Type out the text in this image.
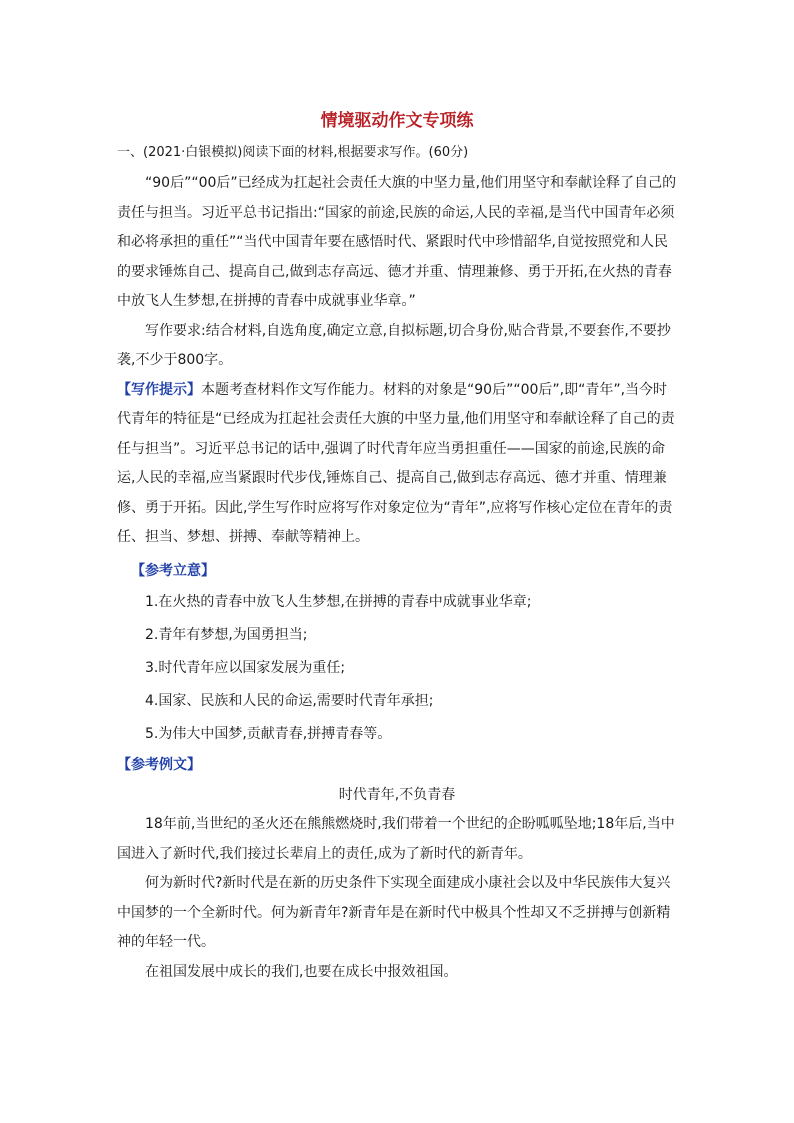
情境驱动作文专项练

一、(2021·白银模拟)阅读下面的材料,根据要求写作。(60分)

“90后”“00后”已经成为扛起社会责任大旗的中坚力量,他们用坚守和奉献诠释了自己的责任与担当。习近平总书记指出:“国家的前途,民族的命运,人民的幸福,是当代中国青年必须和必将承担的重任”“当代中国青年要在感悟时代、紧跟时代中珍惜韶华,自觉按照党和人民的要求锤炼自己、提高自己,做到志存高远、德才并重、情理兼修、勇于开拓,在火热的青春中放飞人生梦想,在拼搏的青春中成就事业华章。”

写作要求:结合材料,自选角度,确定立意,自拟标题,切合身份,贴合背景,不要套作,不要抄袭,不少于800字。

【写作提示】本题考查材料作文写作能力。材料的对象是“90后”“00后”,即“青年”,当今时代青年的特征是“已经成为扛起社会责任大旗的中坚力量,他们用坚守和奉献诠释了自己的责任与担当”。习近平总书记的话中,强调了时代青年应当勇担重任——国家的前途,民族的命运,人民的幸福,应当紧跟时代步伐,锤炼自己、提高自己,做到志存高远、德才并重、情理兼修、勇于开拓。因此,学生写作时应将写作对象定位为“青年”,应将写作核心定位在青年的责任、担当、梦想、拼搏、奉献等精神上。

【参考立意】

1.在火热的青春中放飞人生梦想,在拼搏的青春中成就事业华章;

2.青年有梦想,为国勇担当;

3.时代青年应以国家发展为重任;

4.国家、民族和人民的命运,需要时代青年承担;

5.为伟大中国梦,贡献青春,拼搏青春等。

【参考例文】

时代青年,不负青春

18年前,当世纪的圣火还在熊熊燃烧时,我们带着一个世纪的企盼呱呱坠地;18年后,当中国进入了新时代,我们接过长辈肩上的责任,成为了新时代的新青年。

何为新时代?新时代是在新的历史条件下实现全面建成小康社会以及中华民族伟大复兴中国梦的一个全新时代。何为新青年?新青年是在新时代中极具个性却又不乏拼搏与创新精神的年轻一代。

在祖国发展中成长的我们,也要在成长中报效祖国。
